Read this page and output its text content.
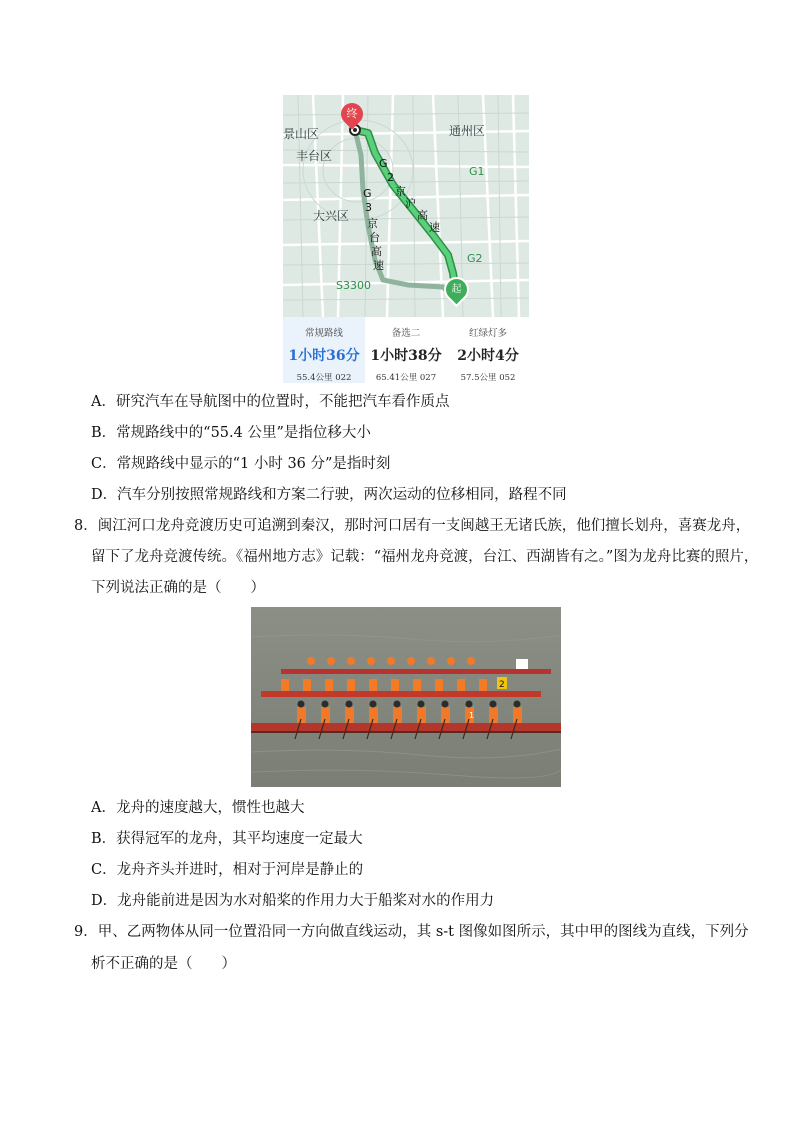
景山区	通州区
丰台区
大兴区
G1
G2
S3300
G
2
京
沪
高
速
G
3
京
台
高
速
终
起
常规路线
1小时36分
55.4公里 022
备选二
1小时38分
65.41公里 027
红绿灯多
2小时4分
57.5公里 052
A．研究汽车在导航图中的位置时，不能把汽车看作质点
B．常规路线中的“55.4 公里”是指位移大小
C．常规路线中显示的“1 小时 36 分”是指时刻
D．汽车分别按照常规路线和方案二行驶，两次运动的位移相同，路程不同
8．闽江河口龙舟竞渡历史可追溯到秦汉，那时河口居有一支闽越王无诸氏族，他们擅长划舟，喜赛龙舟，
留下了龙舟竞渡传统。《福州地方志》记载：“福州龙舟竞渡，台江、西湖皆有之。”图为龙舟比赛的照片，
下列说法正确的是（　　）
2
1
A．龙舟的速度越大，惯性也越大
B．获得冠军的龙舟，其平均速度一定最大
C．龙舟齐头并进时，相对于河岸是静止的
D．龙舟能前进是因为水对船桨的作用力大于船桨对水的作用力
9．甲、乙两物体从同一位置沿同一方向做直线运动，其 s-t 图像如图所示，其中甲的图线为直线，下列分
析不正确的是（　　）
